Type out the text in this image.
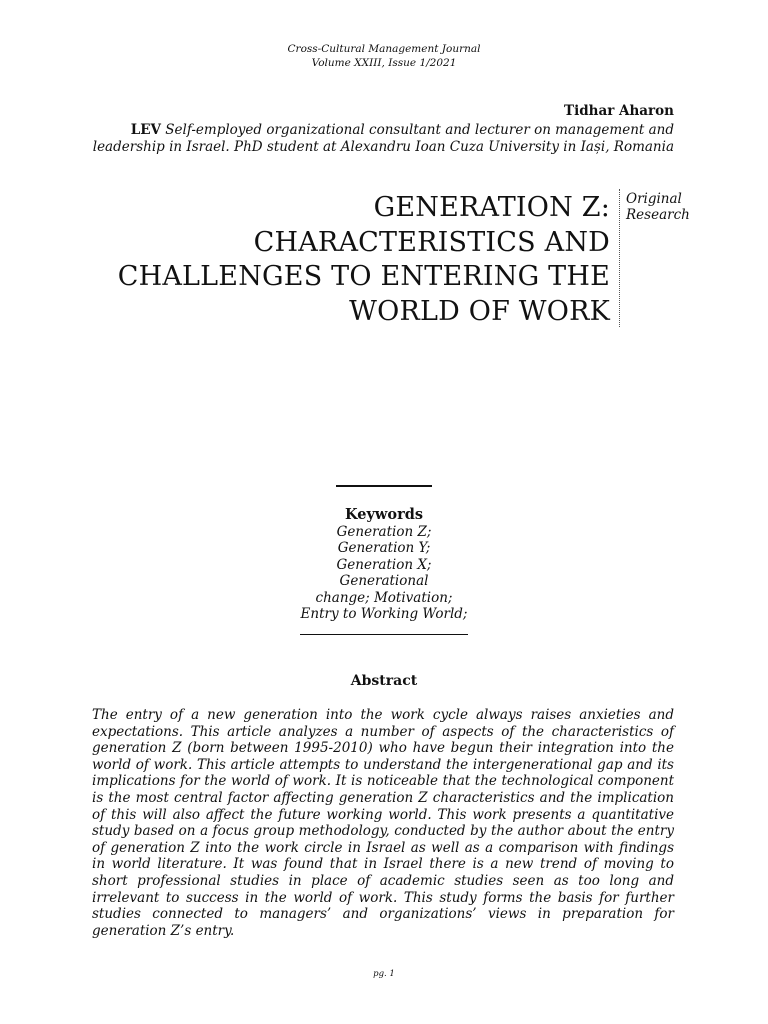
Cross-Cultural Management Journal
Volume XXIII, Issue 1/2021
Tidhar Aharon
LEV Self-employed organizational consultant and lecturer on management and leadership in Israel. PhD student at Alexandru Ioan Cuza University in Iași, Romania
GENERATION Z:
CHARACTERISTICS AND
CHALLENGES TO ENTERING THE
WORLD OF WORK
Original
Research
Keywords
Generation Z;
Generation Y;
Generation X;
Generational
change; Motivation;
Entry to Working World;
Abstract
The entry of a new generation into the work cycle always raises anxieties and expectations. This article analyzes a number of aspects of the characteristics of generation Z (born between 1995-2010) who have begun their integration into the world of work. This article attempts to understand the intergenerational gap and its implications for the world of work. It is noticeable that the technological component is the most central factor affecting generation Z characteristics and the implication of this will also affect the future working world. This work presents a quantitative study based on a focus group methodology, conducted by the author about the entry of generation Z into the work circle in Israel as well as a comparison with findings in world literature. It was found that in Israel there is a new trend of moving to short professional studies in place of academic studies seen as too long and irrelevant to success in the world of work. This study forms the basis for further studies connected to managers’ and organizations’ views in preparation for generation Z’s entry.
pg. 1
